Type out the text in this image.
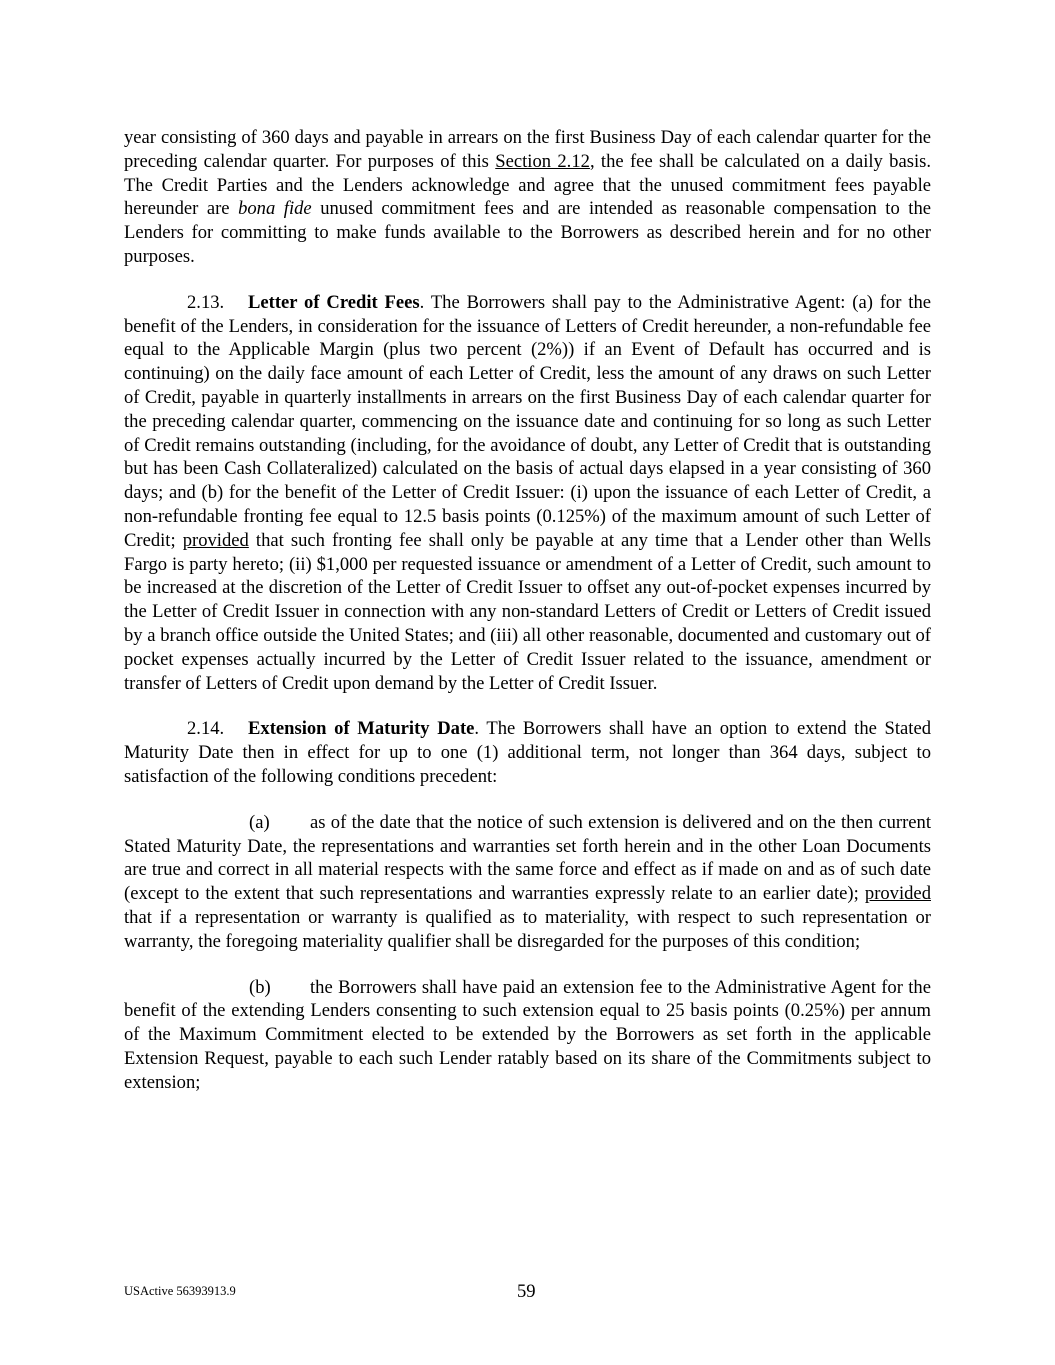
year consisting of 360 days and payable in arrears on the first Business Day of each calendar quarter for the preceding calendar quarter. For purposes of this Section 2.12, the fee shall be calculated on a daily basis. The Credit Parties and the Lenders acknowledge and agree that the unused commitment fees payable hereunder are bona fide unused commitment fees and are intended as reasonable compensation to the Lenders for committing to make funds available to the Borrowers as described herein and for no other purposes.

2.13. Letter of Credit Fees. The Borrowers shall pay to the Administrative Agent: (a) for the benefit of the Lenders, in consideration for the issuance of Letters of Credit hereunder, a non-refundable fee equal to the Applicable Margin (plus two percent (2%)) if an Event of Default has occurred and is continuing) on the daily face amount of each Letter of Credit, less the amount of any draws on such Letter of Credit, payable in quarterly installments in arrears on the first Business Day of each calendar quarter for the preceding calendar quarter, commencing on the issuance date and continuing for so long as such Letter of Credit remains outstanding (including, for the avoidance of doubt, any Letter of Credit that is outstanding but has been Cash Collateralized) calculated on the basis of actual days elapsed in a year consisting of 360 days; and (b) for the benefit of the Letter of Credit Issuer: (i) upon the issuance of each Letter of Credit, a non-refundable fronting fee equal to 12.5 basis points (0.125%) of the maximum amount of such Letter of Credit; provided that such fronting fee shall only be payable at any time that a Lender other than Wells Fargo is party hereto; (ii) $1,000 per requested issuance or amendment of a Letter of Credit, such amount to be increased at the discretion of the Letter of Credit Issuer to offset any out-of-pocket expenses incurred by the Letter of Credit Issuer in connection with any non-standard Letters of Credit or Letters of Credit issued by a branch office outside the United States; and (iii) all other reasonable, documented and customary out of pocket expenses actually incurred by the Letter of Credit Issuer related to the issuance, amendment or transfer of Letters of Credit upon demand by the Letter of Credit Issuer.

2.14. Extension of Maturity Date. The Borrowers shall have an option to extend the Stated Maturity Date then in effect for up to one (1) additional term, not longer than 364 days, subject to satisfaction of the following conditions precedent:

(a) as of the date that the notice of such extension is delivered and on the then current Stated Maturity Date, the representations and warranties set forth herein and in the other Loan Documents are true and correct in all material respects with the same force and effect as if made on and as of such date (except to the extent that such representations and warranties expressly relate to an earlier date); provided that if a representation or warranty is qualified as to materiality, with respect to such representation or warranty, the foregoing materiality qualifier shall be disregarded for the purposes of this condition;

(b) the Borrowers shall have paid an extension fee to the Administrative Agent for the benefit of the extending Lenders consenting to such extension equal to 25 basis points (0.25%) per annum of the Maximum Commitment elected to be extended by the Borrowers as set forth in the applicable Extension Request, payable to each such Lender ratably based on its share of the Commitments subject to extension;

USActive 56393913.9	59
